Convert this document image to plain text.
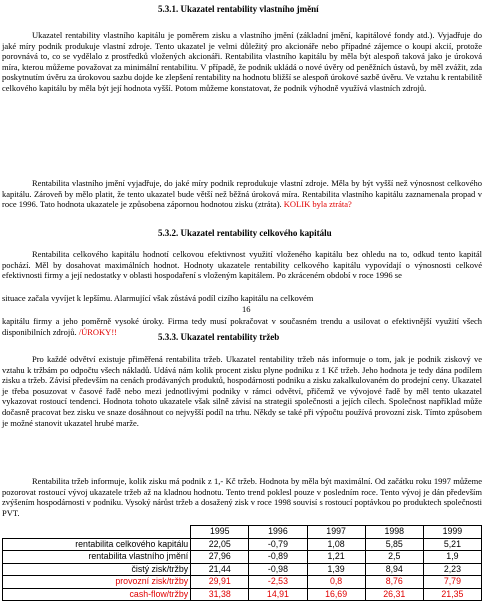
5.3.1. Ukazatel rentability vlastního jmění
Ukazatel rentability vlastního kapitálu je poměrem zisku a vlastního jmění (základní jmění, kapitálové fondy atd.). Vyjadřuje do jaké míry podnik produkuje vlastní zdroje. Tento ukazatel je velmi důležitý pro akcionáře nebo případné zájemce o koupi akcií, protože porovnává to, co se vydělalo z prostředků vložených akcionáři. Rentabilita vlastního kapitálu by měla být alespoň taková jako je úroková míra, kterou můžeme považovat za minimální rentabilitu. V případě, že podnik ukládá o nové úvěry od peněžních ústavů, by měl zvážit, zda poskytnutím úvěru za úrokovou sazbu dojde ke zlepšení rentability na hodnotu bližší se alespoň úrokové sazbě úvěru. Ve vztahu k rentabilitě celkového kapitálu by měla být její hodnota vyšší. Potom můžeme konstatovat, že podnik výhodně využívá vlastních zdrojů.
Rentabilita vlastního jmění vyjadřuje, do jaké míry podnik reprodukuje vlastní zdroje. Měla by být vyšší než výnosnost celkového kapitálu. Zároveň by mělo platit, že tento ukazatel bude větší než běžná úroková míra. Rentabilita vlastního kapitálu zaznamenala propad v roce 1996. Tato hodnota ukazatele je způsobena zápornou hodnotou zisku (ztráta). KOLIK byla ztráta?
5.3.2. Ukazatel rentability celkového kapitálu
Rentabilita celkového kapitálu hodnotí celkovou efektivnost využití vloženého kapitálu bez ohledu na to, odkud tento kapitál pochází. Měl by dosahovat maximálních hodnot. Hodnoty ukazatele rentability celkového kapitálu vypovídají o výnosnosti celkové efektivnosti firmy a její nedostatky v oblasti hospodaření s vloženým kapitálem. Po zkráceném období v roce 1996 se
situace začala vyvíjet k lepšímu. Alarmující však zůstává podíl cizího kapitálu na celkovém
16
kapitálu firmy a jeho poměrně vysoké úroky. Firma tedy musí pokračovat v současném trendu a usilovat o efektivnější využití všech disponibilních zdrojů. /ÚROKY!!
5.3.3. Ukazatel rentability tržeb
Pro každé odvětví existuje přiměřená rentabilita tržeb. Ukazatel rentability tržeb nás informuje o tom, jak je podnik ziskový ve vztahu k tržbám po odpočtu všech nákladů. Udává nám kolik procent zisku plyne podniku z 1 Kč tržeb. Jeho hodnota je tedy dána podílem zisku a tržeb. Závisí především na cenách prodávaných produktů, hospodárnosti podniku a zisku zakalkulovaném do prodejní ceny. Ukazatel je třeba posuzovat v časové řadě nebo mezi jednotlivými podniky v rámci odvětví, přičemž ve vývojové řadě by měl tento ukazatel vykazovat rostoucí tendenci. Hodnota tohoto ukazatele však silně závisí na strategii společnosti a jejích cílech. Společnost například může dočasně pracovat bez zisku ve snaze dosáhnout co nejvyšší podíl na trhu. Někdy se také při výpočtu používá provozní zisk. Tímto způsobem je možné stanovit ukazatel hrubé marže.
Rentabilita tržeb informuje, kolik zisku má podnik z 1,- Kč tržeb. Hodnota by měla být maximální. Od začátku roku 1997 můžeme pozorovat rostoucí vývoj ukazatele tržeb až na kladnou hodnotu. Tento trend poklesl pouze v posledním roce. Tento vývoj je dán především zvýšením hospodárnosti v podniku. Vysoký nárůst tržeb a dosažený zisk v roce 1998 souvisí s rostoucí poptávkou po produktech společnosti PVT.
	1995	1996	1997	1998	1999
rentabilita celkového kapitálu	22,05	-0,79	1,08	5,85	5,21
rentabilita vlastního jmění	27,96	-0,89	1,21	2,5	1,9
čistý zisk/tržby	21,44	-0,98	1,39	8,94	2,23
provozní zisk/tržby	29,91	-2,53	0,8	8,76	7,79
cash-flow/tržby	31,38	14,91	16,69	26,31	21,35
